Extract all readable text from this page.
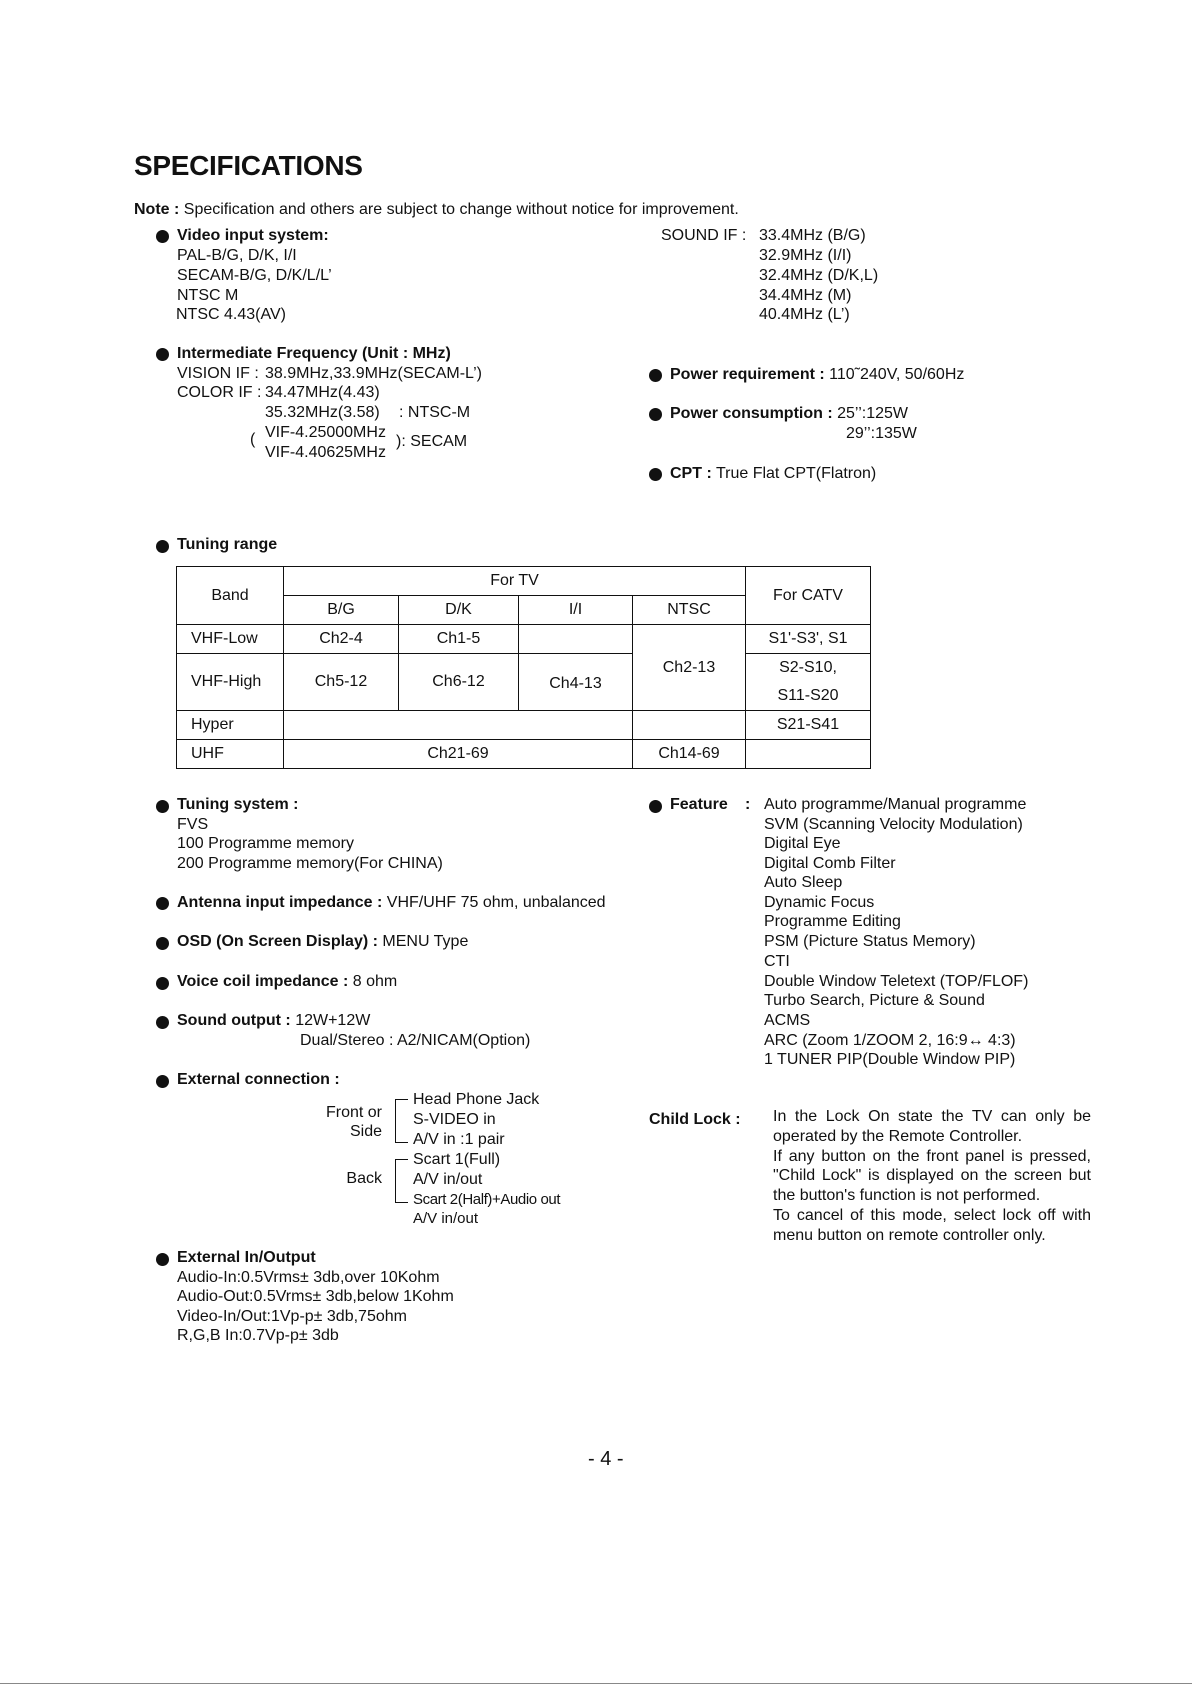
SPECIFICATIONS
Note : Specification and others are subject to change without notice for improvement.
Video input system:
PAL-B/G, D/K, I/I
SECAM-B/G, D/K/L/L’
NTSC M
NTSC 4.43(AV)
Intermediate Frequency (Unit : MHz)
VISION IF : 38.9MHz,33.9MHz(SECAM-L’)
COLOR IF : 34.47MHz(4.43)
35.32MHz(3.58) : NTSC-M
( VIF-4.25000MHz
VIF-4.40625MHz
): SECAM
Tuning range
Band	For TV				For CATV
	B/G	D/K	I/I	NTSC	
VHF-Low	Ch2-4	Ch1-5		Ch2-13	S1'-S3', S1
VHF-High	Ch5-12	Ch6-12	Ch4-13		S2-S10,
					S11-S20
Hyper					S21-S41
UHF	Ch21-69			Ch14-69	
Tuning system :
FVS
100 Programme memory
200 Programme memory(For CHINA)
Antenna input impedance : VHF/UHF 75 ohm, unbalanced
OSD (On Screen Display) : MENU Type
Voice coil impedance : 8 ohm
Sound output : 12W+12W
Dual/Stereo : A2/NICAM(Option)
External connection :
Front or
Side
Head Phone Jack
S-VIDEO in
A/V in :1 pair
Back
Scart 1(Full)
A/V in/out
Scart 2(Half)+Audio out
A/V in/out
External In/Output
Audio-In:0.5Vrms± 3db,over 10Kohm
Audio-Out:0.5Vrms± 3db,below 1Kohm
Video-In/Out:1Vp-p± 3db,75ohm
R,G,B In:0.7Vp-p± 3db
SOUND IF : 33.4MHz (B/G)
32.9MHz (I/I)
32.4MHz (D/K,L)
34.4MHz (M)
40.4MHz (L’)
Power requirement : 110˜240V, 50/60Hz
Power consumption : 25’’:125W
29’’:135W
CPT : True Flat CPT(Flatron)
Feature : Auto programme/Manual programme
SVM (Scanning Velocity Modulation)
Digital Eye
Digital Comb Filter
Auto Sleep
Dynamic Focus
Programme Editing
PSM (Picture Status Memory)
CTI
Double Window Teletext (TOP/FLOF)
Turbo Search, Picture & Sound
ACMS
ARC (Zoom 1/ZOOM 2, 16:9↔ 4:3)
1 TUNER PIP(Double Window PIP)
Child Lock : In the Lock On state the TV can only be operated by the Remote Controller.
If any button on the front panel is pressed, "Child Lock" is displayed on the screen but the button's function is not performed.
To cancel of this mode, select lock off with menu button on remote controller only.
- 4 -
